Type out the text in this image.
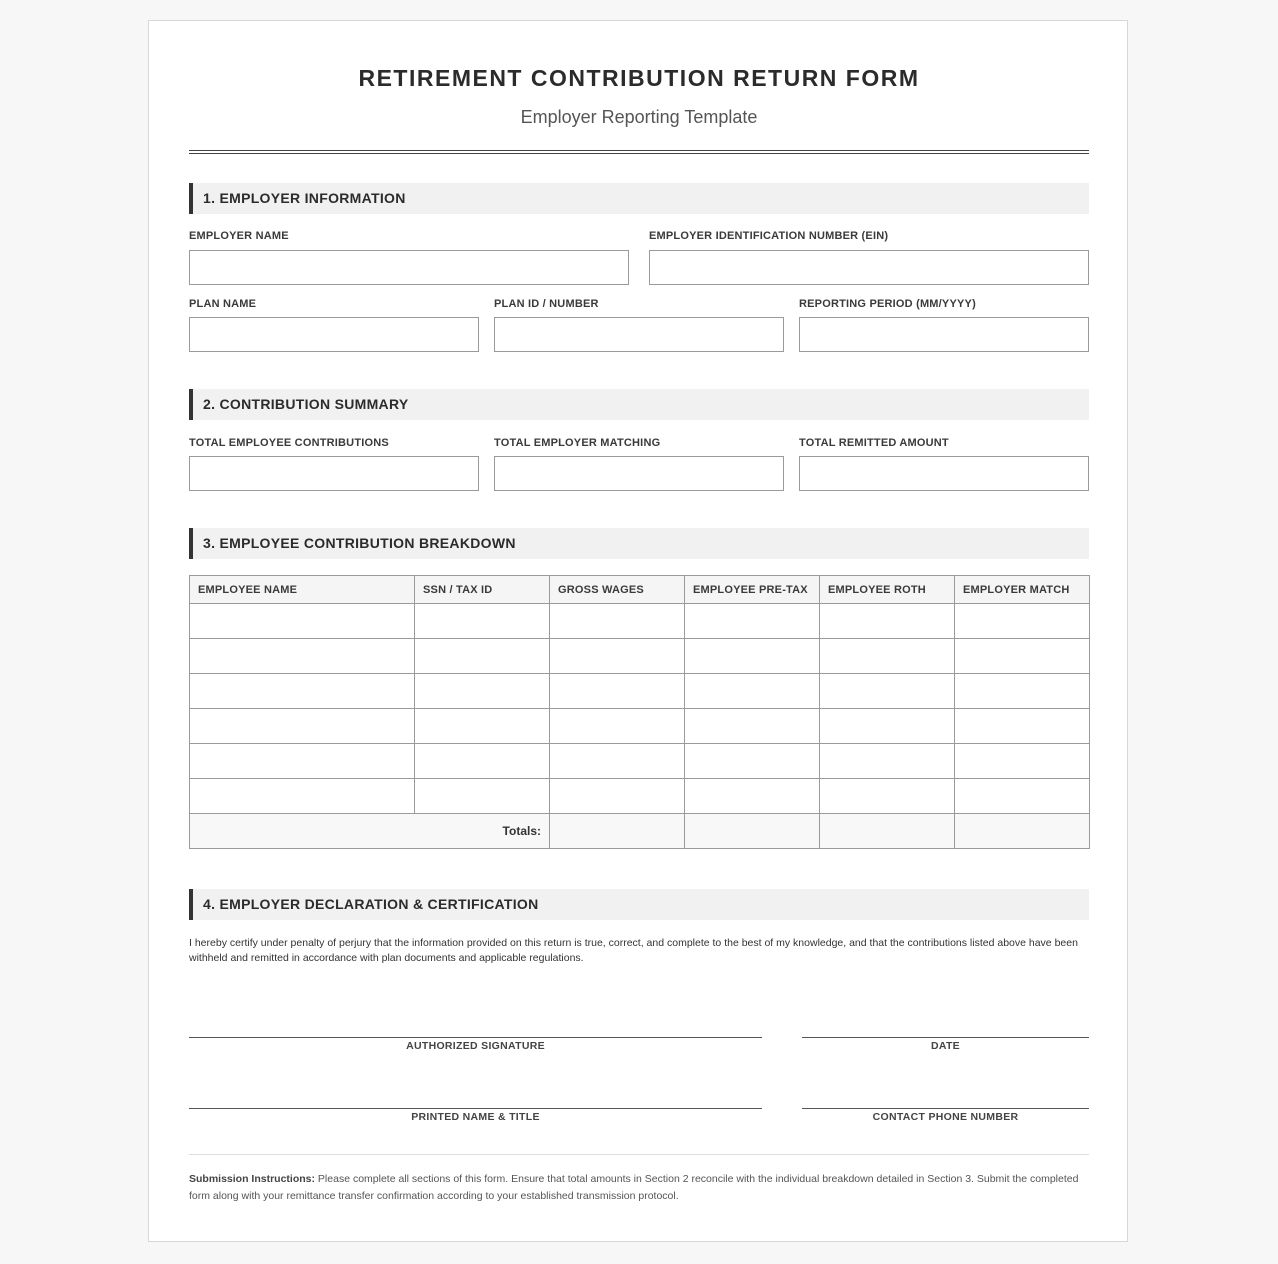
RETIREMENT CONTRIBUTION RETURN FORM
Employer Reporting Template
1. EMPLOYER INFORMATION
EMPLOYER NAME	EMPLOYER IDENTIFICATION NUMBER (EIN)
PLAN NAME	PLAN ID / NUMBER	REPORTING PERIOD (MM/YYYY)
2. CONTRIBUTION SUMMARY
TOTAL EMPLOYEE CONTRIBUTIONS	TOTAL EMPLOYER MATCHING	TOTAL REMITTED AMOUNT
3. EMPLOYEE CONTRIBUTION BREAKDOWN
EMPLOYEE NAME	SSN / TAX ID	GROSS WAGES	EMPLOYEE PRE-TAX	EMPLOYEE ROTH	EMPLOYER MATCH

Totals:					
4. EMPLOYER DECLARATION & CERTIFICATION
I hereby certify under penalty of perjury that the information provided on this return is true, correct, and complete to the best of my knowledge, and that the contributions listed above have been withheld and remitted in accordance with plan documents and applicable regulations.
AUTHORIZED SIGNATURE	DATE
PRINTED NAME & TITLE	CONTACT PHONE NUMBER
Submission Instructions: Please complete all sections of this form. Ensure that total amounts in Section 2 reconcile with the individual breakdown detailed in Section 3. Submit the completed form along with your remittance transfer confirmation according to your established transmission protocol.
